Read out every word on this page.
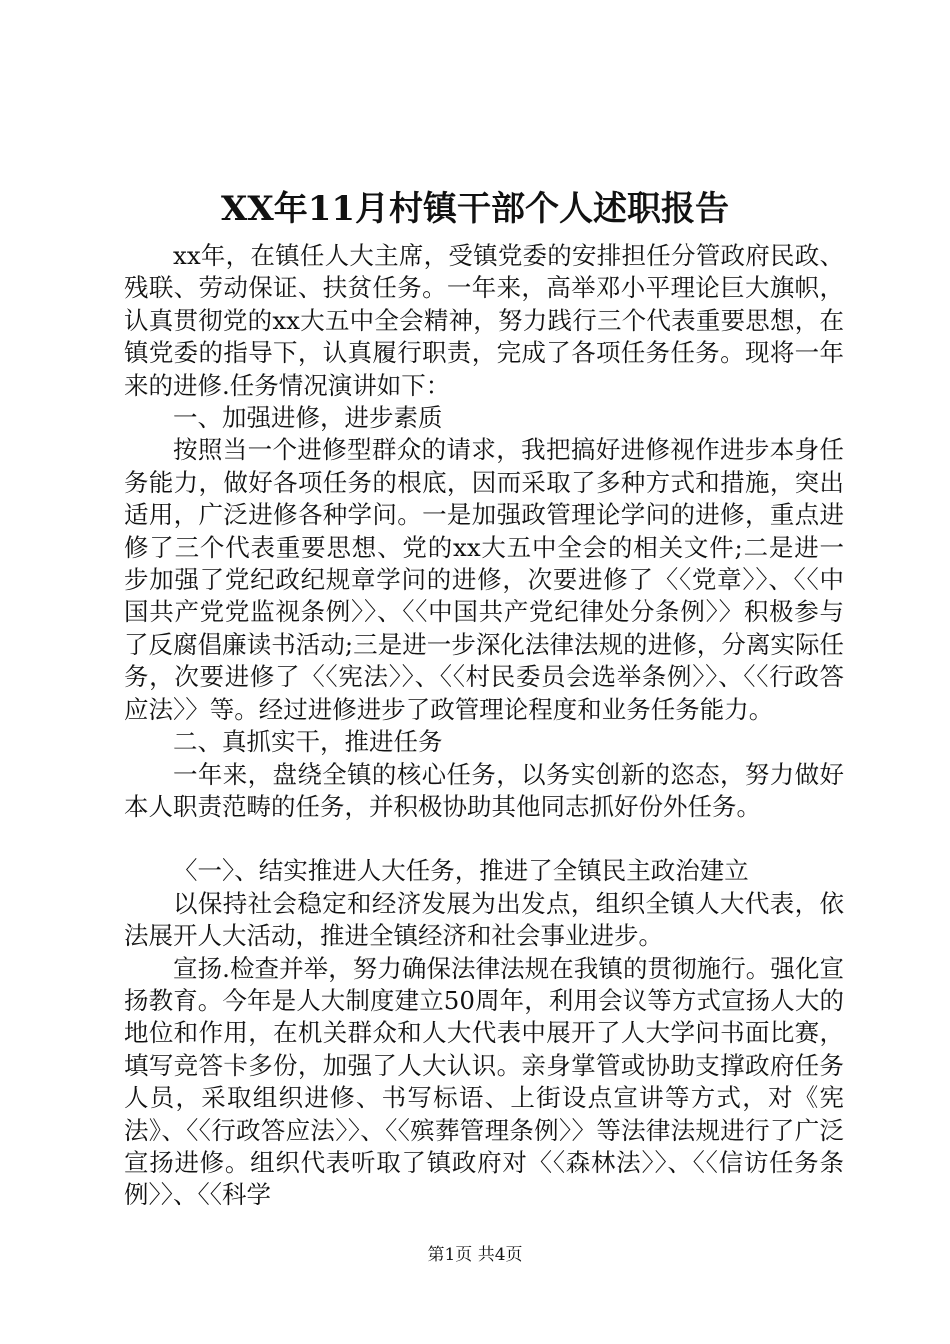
XX年11月村镇干部个人述职报告

xx年，在镇任人大主席，受镇党委的安排担任分管政府民政、残联、劳动保证、扶贫任务。一年来，高举邓小平理论巨大旗帜，认真贯彻党的xx大五中全会精神，努力践行三个代表重要思想，在镇党委的指导下，认真履行职责，完成了各项任务任务。现将一年来的进修.任务情况演讲如下：

一、加强进修，进步素质

按照当一个进修型群众的请求，我把搞好进修视作进步本身任务能力，做好各项任务的根底，因而采取了多种方式和措施，突出适用，广泛进修各种学问。一是加强政管理论学问的进修，重点进修了三个代表重要思想、党的xx大五中全会的相关文件;二是进一步加强了党纪政纪规章学问的进修，次要进修了〈〈党章〉〉、〈〈中国共产党党监视条例〉〉、〈〈中国共产党纪律处分条例〉〉积极参与了反腐倡廉读书活动;三是进一步深化法律法规的进修，分离实际任务，次要进修了〈〈宪法〉〉、〈〈村民委员会选举条例〉〉、〈〈行政答应法〉〉等。经过进修进步了政管理论程度和业务任务能力。

二、真抓实干，推进任务

一年来，盘绕全镇的核心任务，以务实创新的恣态，努力做好本人职责范畴的任务，并积极协助其他同志抓好份外任务。

〈一〉、结实推进人大任务，推进了全镇民主政治建立

以保持社会稳定和经济发展为出发点，组织全镇人大代表，依法展开人大活动，推进全镇经济和社会事业进步。

宣扬.检查并举，努力确保法律法规在我镇的贯彻施行。强化宣扬教育。今年是人大制度建立50周年，利用会议等方式宣扬人大的地位和作用，在机关群众和人大代表中展开了人大学问书面比赛，填写竞答卡多份，加强了人大认识。亲身掌管或协助支撑政府任务人员，采取组织进修、书写标语、上街设点宣讲等方式，对《宪法》、〈〈行政答应法〉〉、〈〈殡葬管理条例〉〉等法律法规进行了广泛宣扬进修。组织代表听取了镇政府对〈〈森林法〉〉、〈〈信访任务条例〉〉、〈〈科学

第1页 共4页
